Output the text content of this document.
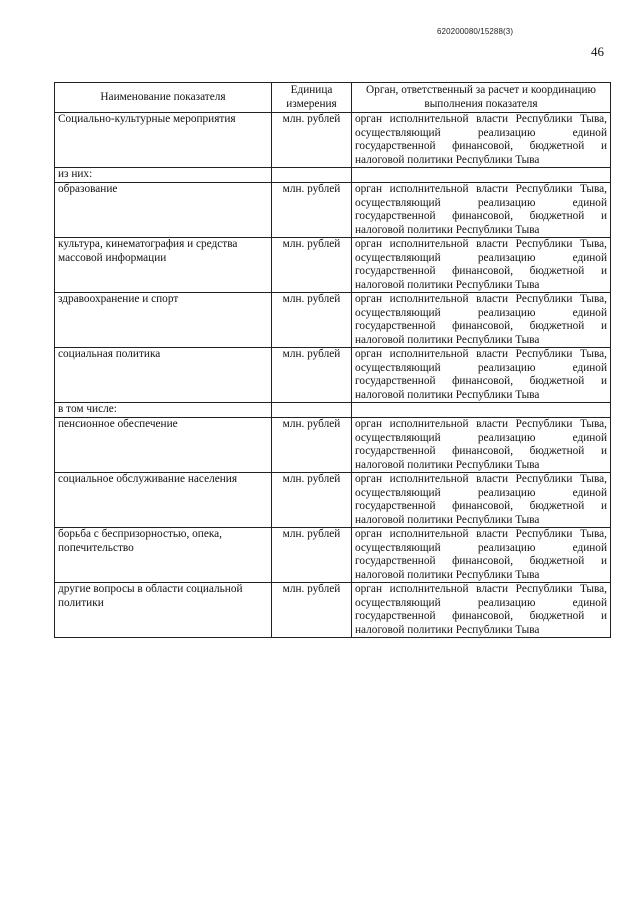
620200080/15288(3)
46
Наименование показателя	Единица измерения	Орган, ответственный за расчет и координацию выполнения показателя
Социально-культурные мероприятия	млн. рублей	орган исполнительной власти Республики Тыва, осуществляющий реализацию единой государственной финансовой, бюджетной и налоговой политики Республики Тыва
из них:		
образование	млн. рублей	орган исполнительной власти Республики Тыва, осуществляющий реализацию единой государственной финансовой, бюджетной и налоговой политики Республики Тыва
культура, кинематография и средства массовой информации	млн. рублей	орган исполнительной власти Республики Тыва, осуществляющий реализацию единой государственной финансовой, бюджетной и налоговой политики Республики Тыва
здравоохранение и спорт	млн. рублей	орган исполнительной власти Республики Тыва, осуществляющий реализацию единой государственной финансовой, бюджетной и налоговой политики Республики Тыва
социальная политика	млн. рублей	орган исполнительной власти Республики Тыва, осуществляющий реализацию единой государственной финансовой, бюджетной и налоговой политики Республики Тыва
в том числе:		
пенсионное обеспечение	млн. рублей	орган исполнительной власти Республики Тыва, осуществляющий реализацию единой государственной финансовой, бюджетной и налоговой политики Республики Тыва
социальное обслуживание населения	млн. рублей	орган исполнительной власти Республики Тыва, осуществляющий реализацию единой государственной финансовой, бюджетной и налоговой политики Республики Тыва
борьба с беспризорностью, опека, попечительство	млн. рублей	орган исполнительной власти Республики Тыва, осуществляющий реализацию единой государственной финансовой, бюджетной и налоговой политики Республики Тыва
другие вопросы в области социальной политики	млн. рублей	орган исполнительной власти Республики Тыва, осуществляющий реализацию единой государственной финансовой, бюджетной и налоговой политики Республики Тыва
